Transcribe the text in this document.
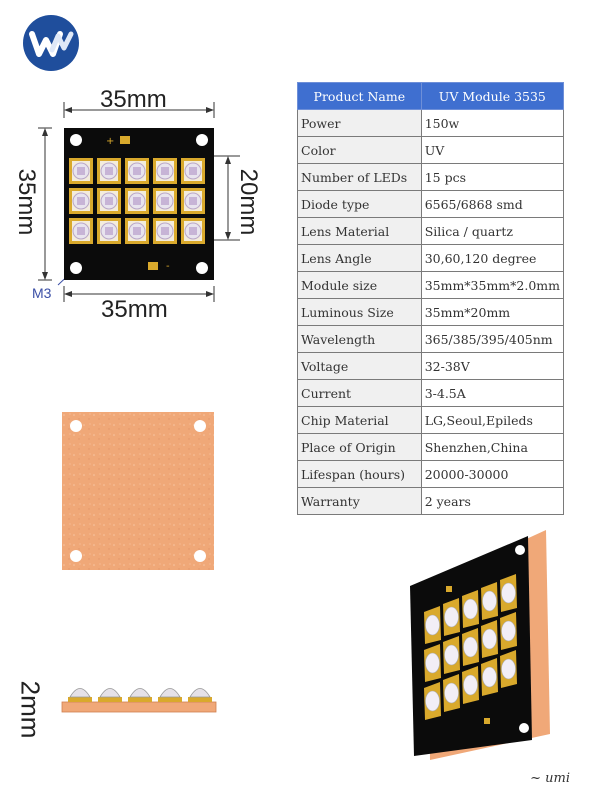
35mm
35mm
35mm	20mm
M3
+
-
2mm
Product Name	UV Module 3535
Power	150w
Color	UV
Number of LEDs	15 pcs
Diode type	6565/6868 smd
Lens Material	Silica / quartz
Lens Angle	30,60,120 degree
Module size	35mm*35mm*2.0mm
Luminous Size	35mm*20mm
Wavelength	365/385/395/405nm
Voltage	32-38V
Current	3-4.5A
Chip Material	LG,Seoul,Epileds
Place of Origin	Shenzhen,China
Lifespan (hours)	20000-30000
Warranty	2 years
~ umi
